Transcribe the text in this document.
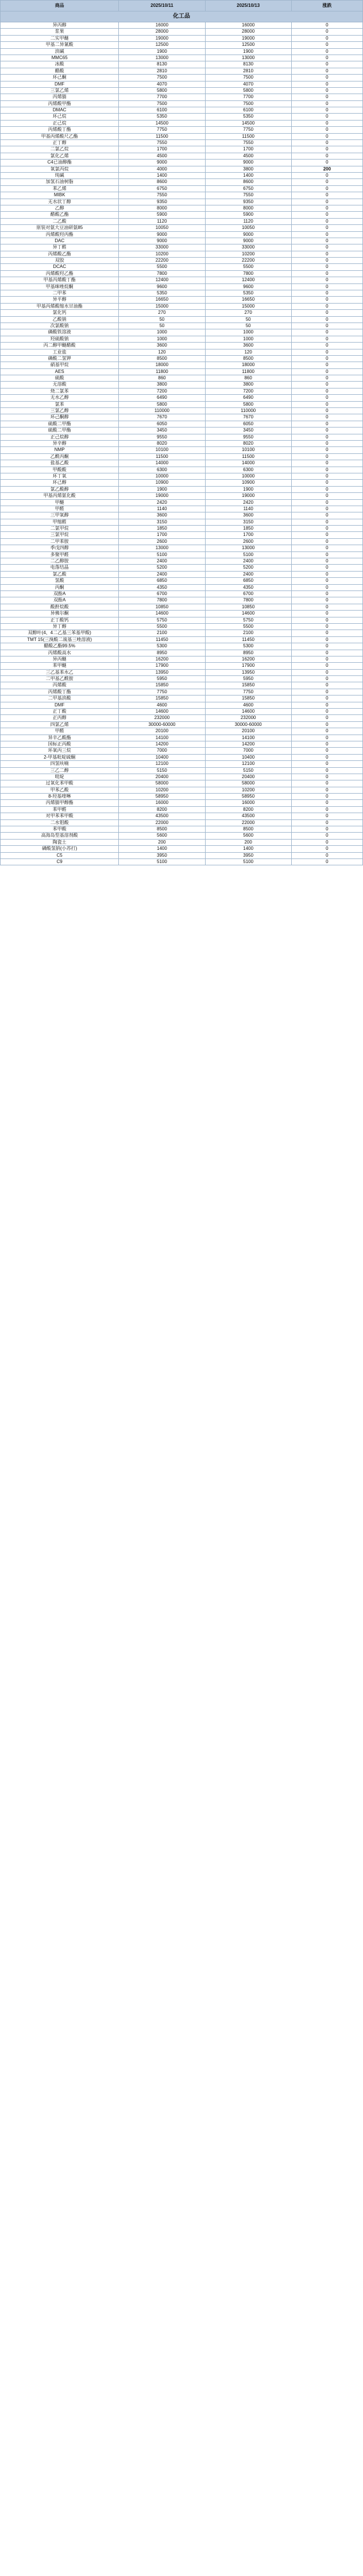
商品	2025/10/11	2025/10/13	涨跌
化工品			
异丙醇	16000	16000	0
浆果	28000	28000	0
二实甲醚	19000	19000	0
甲基二异氰酸	12500	12500	0
滨碱	1900	1900	0
MMC65	13000	13000	0
冰酸	8130	8130	0
醋酸	2810	2810	0
环己酮	7500	7500	0
DMF	4070	4070	0
三氯乙烯	5800	5800	0
丙烯腈	7700	7700	0
丙烯酸甲酯	7500	7500	0
DMAC	6100	6100	0
环己烷	5350	5350	0
正己烷	14500	14500	0
丙烯酸丁酯	7750	7750	0
甲基丙烯酸尺乙酯	11500	11500	0
正丁醇	7550	7550	0
二氯乙烷	1700	1700	0
氯化乙烯	4500	4500	0
C4已油醇酯	9000	9000	0
氧氯丙烷	4000	3800	200
纯碱	1400	1400	0
加氢石油树脂	8600	8600	0
苯乙烯	6750	6750	0
MIBK	7550	7550	0
无水状丁醇	9350	9350	0
乙醇	8000	8000	0
醋酸乙酯	5900	5900	0
二乙酸	1120	1120	0
原装对氨大豆油研氨85	10050	10050	0
丙烯酸羟丙酯	9000	9000	0
DAC	9000	9000	0
异丁醛	33000	33000	0
丙烯酸乙酯	10200	10200	0
双胶	22200	22200	0
DCAC	5500	5500	0
丙烯酸羟乙酯	7800	7800	0
甲基丙烯酸丁酯	12400	12400	0
甲基咪唑烷酮	9600	9600	0
二甲苯	5350	5350	0
异平醇	16650	16650	0
甲基丙烯酸缩水甘油酯	15000	15000	0
氯化钙	270	270	0
乙酸钠	50	50	0
次氯酸钠	50	50	0
磷酸铁溶液	1000	1000	0
羟硫酸钠	1000	1000	0
丙二醇甲醚醋酸	3600	3600	0
工业盐	120	120	0
磷酸二氢钾	8500	8500	0
硝基甲烷	18000	18000	0
AES	11800	11800	0
硫酸	860	860	0
无溶酸	3800	3800	0
烧二氯苯	7200	7200	0
无水乙醇	6490	6490	0
氯苯	5800	5800	0
三氯乙醇	110000	110000	0
环己酮醇	7670	7670	0
硫酸二甲酯	6050	6050	0
硫酸二甲酯	3450	3450	0
正己烷醇	9550	9550	0
异辛醇	8020	8020	0
NMP	10100	10100	0
乙酰丙酮	11500	11500	0
盐基乙酸	14000	14000	0
甲酸酸	6300	6300	0
环丁氧	10000	10000	0
环己醇	10900	10900	0
氯乙酸醇	1900	1900	0
甲基丙烯氨化酸	19000	19000	0
甲醚	2420	2420	0
甲醛	1140	1140	0
三甲氧醇	3600	3600	0
甲缩醛	3150	3150	0
二氯甲烷	1850	1850	0
三氯甲烷	1700	1700	0
二甲苯胺	2600	2600	0
季戊四醇	13000	13000	0
多聚甲醛	5100	5100	0
二乙醇胺	2400	2400	0
电落结晶	5200	5200	0
氯乙酸	2400	2400	0
氢酸	6850	6850	0
丙酮	4350	4350	0
双酚A	6700	6700	0
双酚A	7800	7800	0
酸酐烷酸	10850	10850	0
异佛尔酮	14600	14600	0
正丁酸钙	5750	5750	0
异丁醇	5500	5500	0
双醇叶(4、4二乙基三苯基甲酸)	2100	2100	0
TMT 15(三溴酸二巯基三唑溶液)	11450	11450	0
醋酸乙酯99.5%	5300	5300	0
丙烯酸高水	8950	8950	0
异丙醚	16200	16200	0
苯甲醚	17900	17900	0
三乙基苯水乙	13950	13950	0
二甲基乙酰胺	5950	5950	0
丙烯酸	15850	15850	0
丙烯酸丁酯	7750	7750	0
二甲基滨酸	15850	15850	0
DMF	4600	4600	0
正丁酸	14600	14600	0
正丙醇	232000	232000	0
四氯乙烯	30000-60000	30000-60000	0
甲醛	20100	20100	0
异辛乙酸酯	14100	14100	0
国标正丙酸	14200	14200	0
环氧丙三烷	7000	7000	0
2-甲基吡啶硫酮	10400	10400	0
四氢呋喃	12100	12100	0
三乙二醇	5150	5150	0
吡啶	20400	20400	0
过氧化苯甲酸	58000	58000	0
甲苯乙酸	10200	10200	0
8-羟基喹啉	58950	58950	0
丙烯腈甲醇酯	16000	16000	0
苯甲醛	8200	8200	0
对甲苯苯甲酸	43500	43500	0
二水钼酸	22000	22000	0
苯甲酸	8500	8500	0
高海岛型基溶剂酸	5600	5600	0
陶瓷土	200	200	0
磷酸氢钠(小苏打)	1400	1400	0
C5	3950	3950	0
C9	5100	5100	0
